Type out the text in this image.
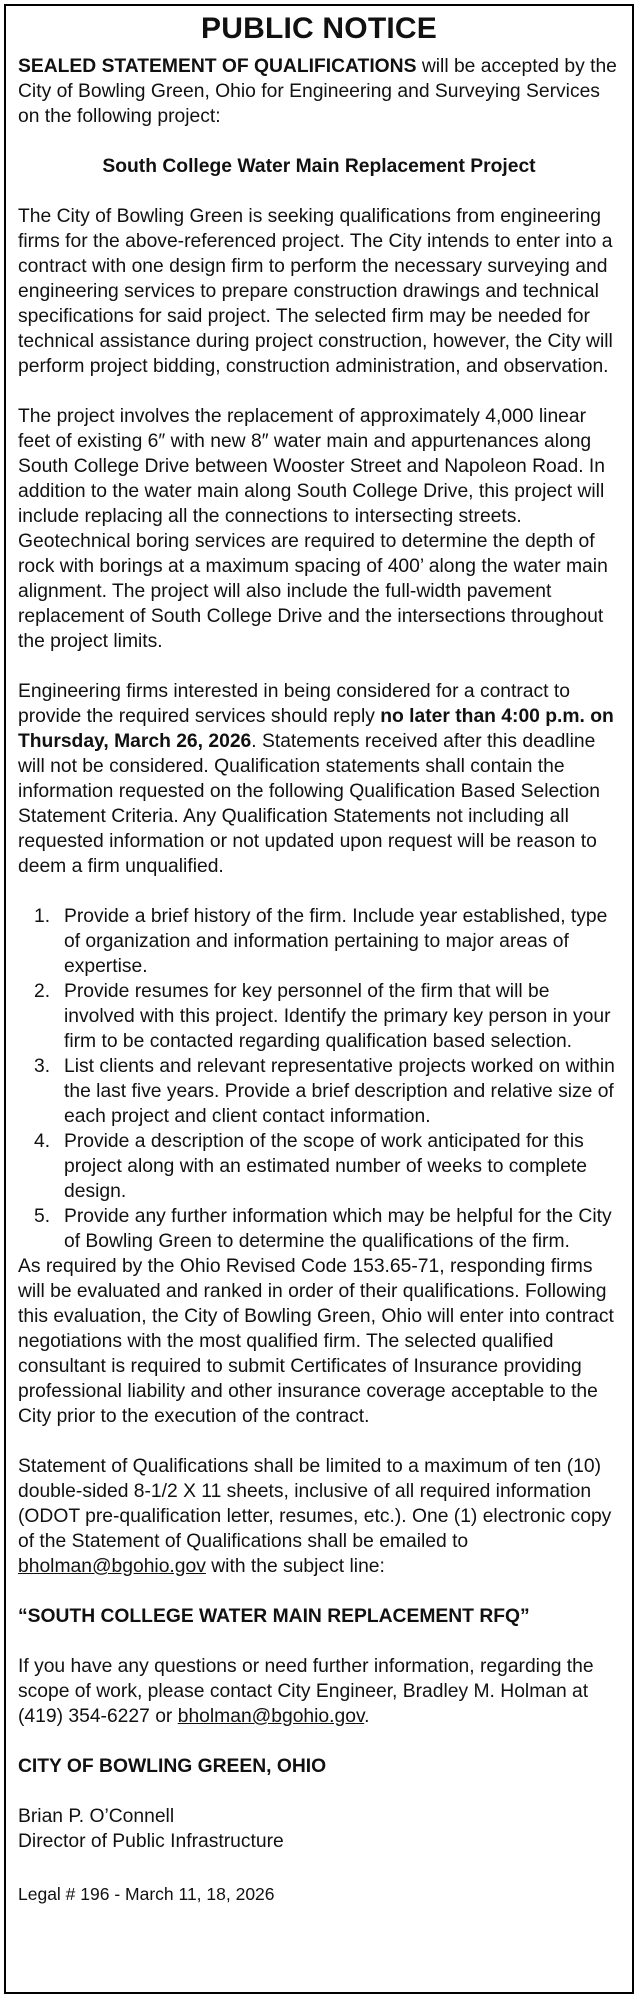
PUBLIC NOTICE

SEALED STATEMENT OF QUALIFICATIONS will be accepted by the City of Bowling Green, Ohio for Engineering and Surveying Services on the following project:

South College Water Main Replacement Project

The City of Bowling Green is seeking qualifications from engineering firms for the above-referenced project. The City intends to enter into a contract with one design firm to perform the necessary surveying and engineering services to prepare construction drawings and technical specifications for said project. The selected firm may be needed for technical assistance during project construction, however, the City will perform project bidding, construction administration, and observation.

The project involves the replacement of approximately 4,000 linear feet of existing 6″ with new 8″ water main and appurtenances along South College Drive between Wooster Street and Napoleon Road. In addition to the water main along South College Drive, this project will include replacing all the connections to intersecting streets. Geotechnical boring services are required to determine the depth of rock with borings at a maximum spacing of 400’ along the water main alignment. The project will also include the full-width pavement replacement of South College Drive and the intersections throughout the project limits.

Engineering firms interested in being considered for a contract to provide the required services should reply no later than 4:00 p.m. on Thursday, March 26, 2026. Statements received after this deadline will not be considered. Qualification statements shall contain the information requested on the following Qualification Based Selection Statement Criteria. Any Qualification Statements not including all requested information or not updated upon request will be reason to deem a firm unqualified.

1. Provide a brief history of the firm. Include year established, type of organization and information pertaining to major areas of expertise.
2. Provide resumes for key personnel of the firm that will be involved with this project. Identify the primary key person in your firm to be contacted regarding qualification based selection.
3. List clients and relevant representative projects worked on within the last five years. Provide a brief description and relative size of each project and client contact information.
4. Provide a description of the scope of work anticipated for this project along with an estimated number of weeks to complete design.
5. Provide any further information which may be helpful for the City of Bowling Green to determine the qualifications of the firm.

As required by the Ohio Revised Code 153.65-71, responding firms will be evaluated and ranked in order of their qualifications. Following this evaluation, the City of Bowling Green, Ohio will enter into contract negotiations with the most qualified firm. The selected qualified consultant is required to submit Certificates of Insurance providing professional liability and other insurance coverage acceptable to the City prior to the execution of the contract.

Statement of Qualifications shall be limited to a maximum of ten (10) double-sided 8-1/2 X 11 sheets, inclusive of all required information (ODOT pre-qualification letter, resumes, etc.). One (1) electronic copy of the Statement of Qualifications shall be emailed to bholman@bgohio.gov with the subject line:

“SOUTH COLLEGE WATER MAIN REPLACEMENT RFQ”

If you have any questions or need further information, regarding the scope of work, please contact City Engineer, Bradley M. Holman at (419) 354-6227 or bholman@bgohio.gov.

CITY OF BOWLING GREEN, OHIO

Brian P. O’Connell

Director of Public Infrastructure

Legal # 196 - March 11, 18, 2026
